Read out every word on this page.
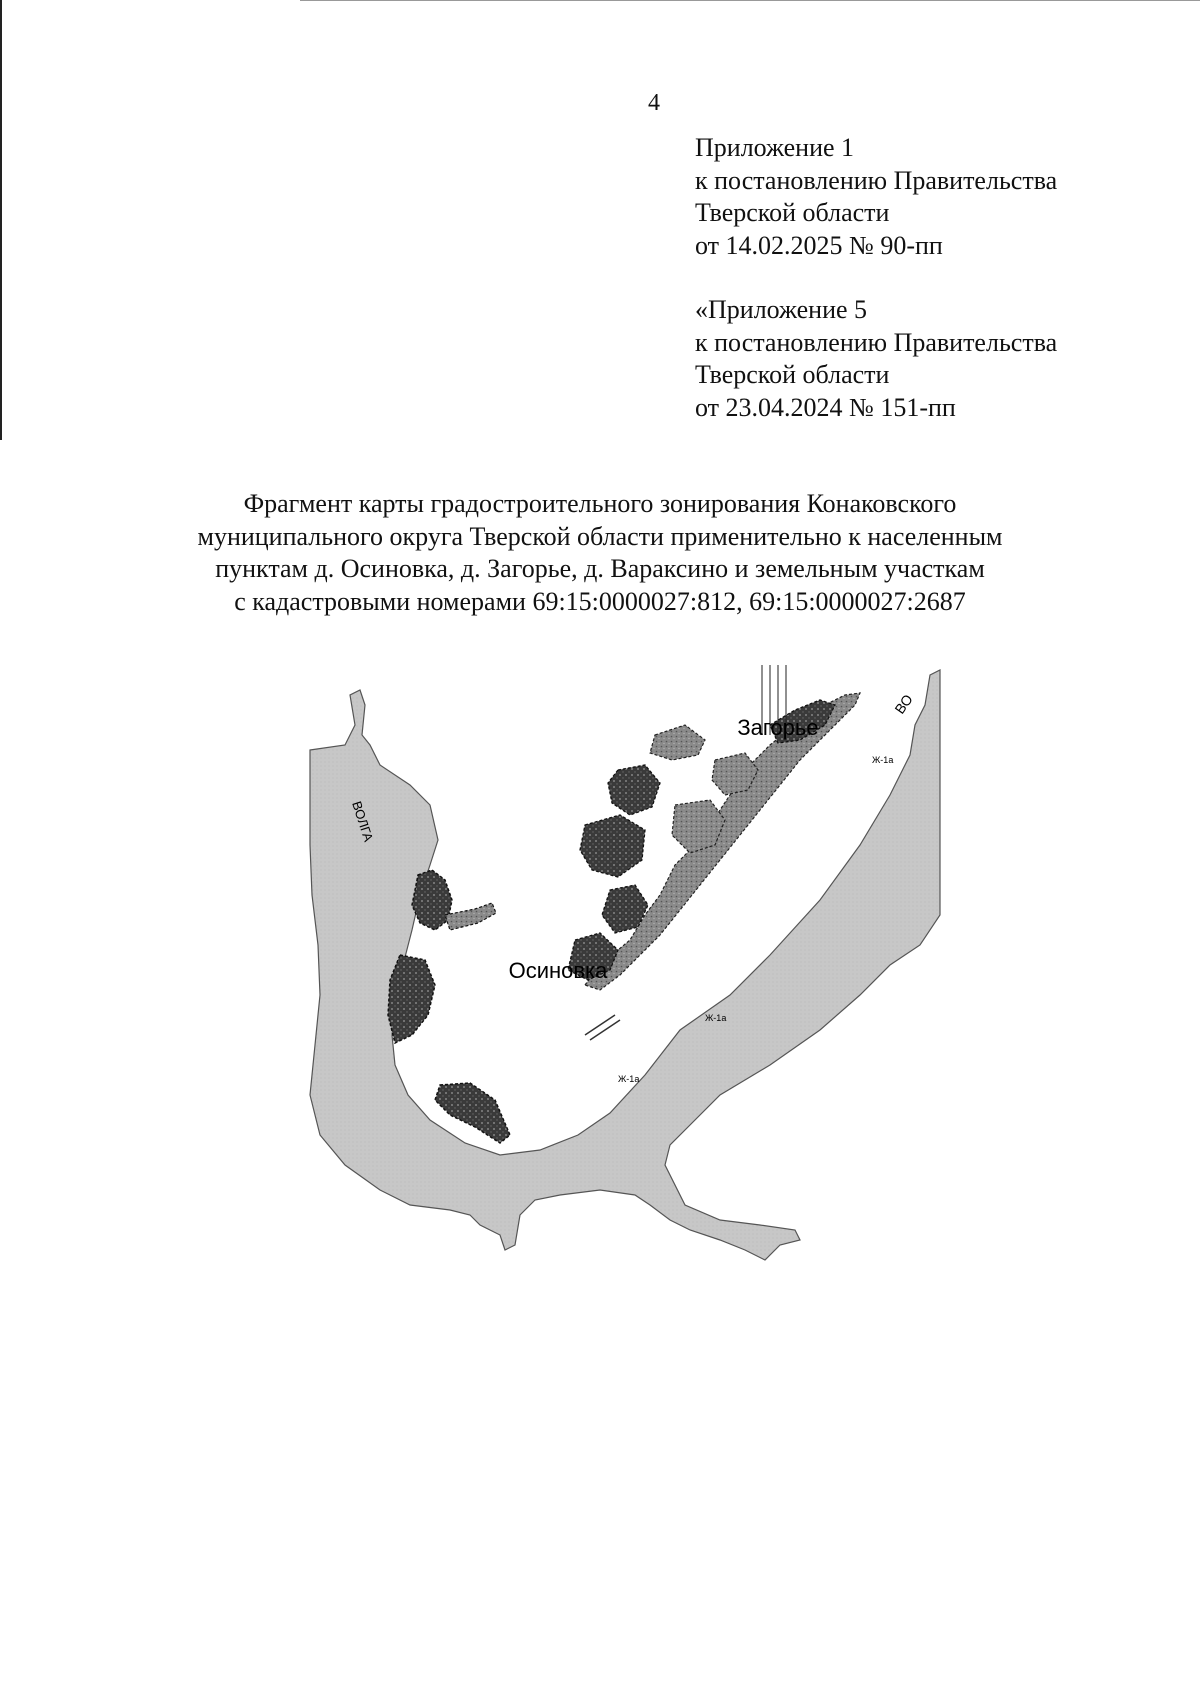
4
Приложение 1
к постановлению Правительства
Тверской области
от 14.02.2025 № 90-пп
«Приложение 5
к постановлению Правительства
Тверской области
от 23.04.2024 № 151-пп
Фрагмент карты градостроительного зонирования Конаковского
муниципального округа Тверской области применительно к населенным
пунктам д. Осиновка, д. Загорье, д. Вараксино и земельным участкам
с кадастровыми номерами 69:15:0000027:812, 69:15:0000027:2687
Загорье
Осиновка
ВОЛГА
ВО
Ж-1а
Ж-1а
Ж-1а
